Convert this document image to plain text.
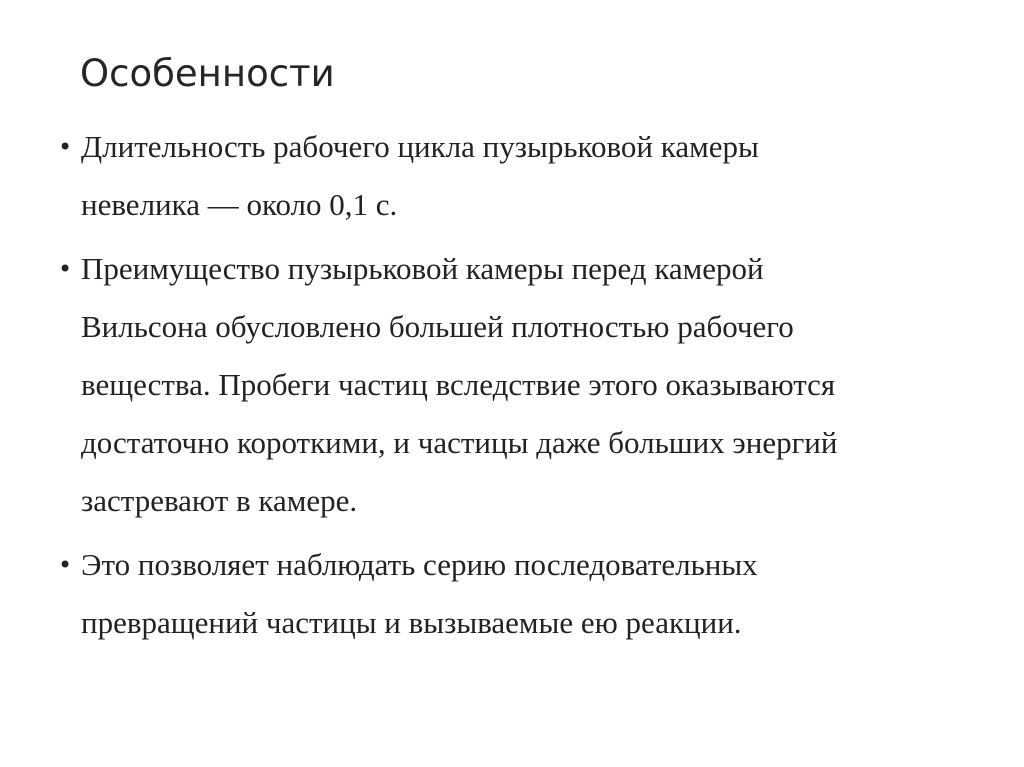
Особенности
• Длительность рабочего цикла пузырьковой камеры
невелика — около 0,1 с.
• Преимущество пузырьковой камеры перед камерой
Вильсона обусловлено большей плотностью рабочего
вещества. Пробеги частиц вследствие этого оказываются
достаточно короткими, и частицы даже больших энергий
застревают в камере.
• Это позволяет наблюдать серию последовательных
превращений частицы и вызываемые ею реакции.
